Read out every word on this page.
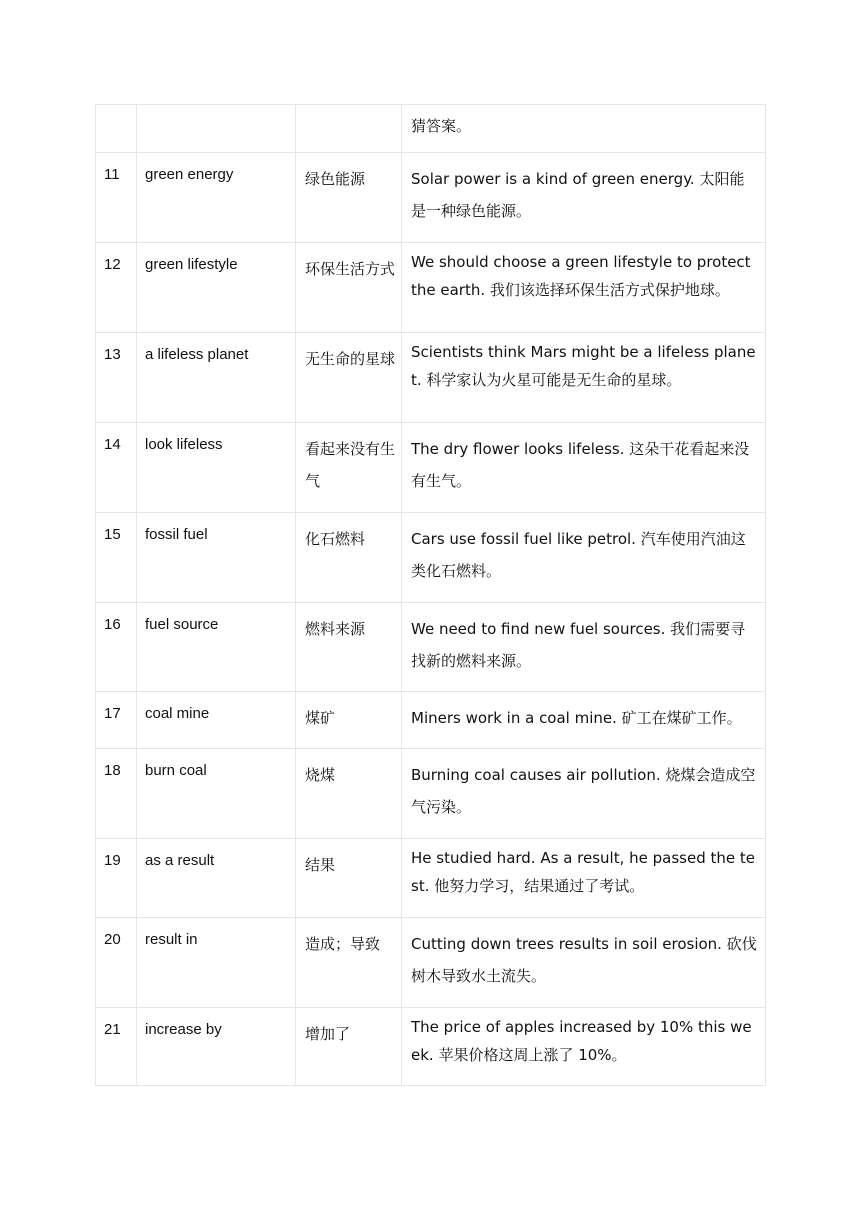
			猜答案。

11	green energy	绿色能源	Solar power is a kind of green energy. 太阳能是一种绿色能源。

12	green lifestyle	环保生活方式	We should choose a green lifestyle to protect the earth. 我们该选择环保生活方式保护地球。

13	a lifeless planet	无生命的星球	Scientists think Mars might be a lifeless planet. 科学家认为火星可能是无生命的星球。

14	look lifeless	看起来没有生气	The dry flower looks lifeless. 这朵干花看起来没有生气。

15	fossil fuel	化石燃料	Cars use fossil fuel like petrol. 汽车使用汽油这类化石燃料。

16	fuel source	燃料来源	We need to find new fuel sources. 我们需要寻找新的燃料来源。

17	coal mine	煤矿	Miners work in a coal mine. 矿工在煤矿工作。

18	burn coal	烧煤	Burning coal causes air pollution. 烧煤会造成空气污染。

19	as a result	结果	He studied hard. As a result, he passed the test. 他努力学习，结果通过了考试。

20	result in	造成；导致	Cutting down trees results in soil erosion. 砍伐树木导致水土流失。

21	increase by	增加了	The price of apples increased by 10% this week. 苹果价格这周上涨了 10%。
